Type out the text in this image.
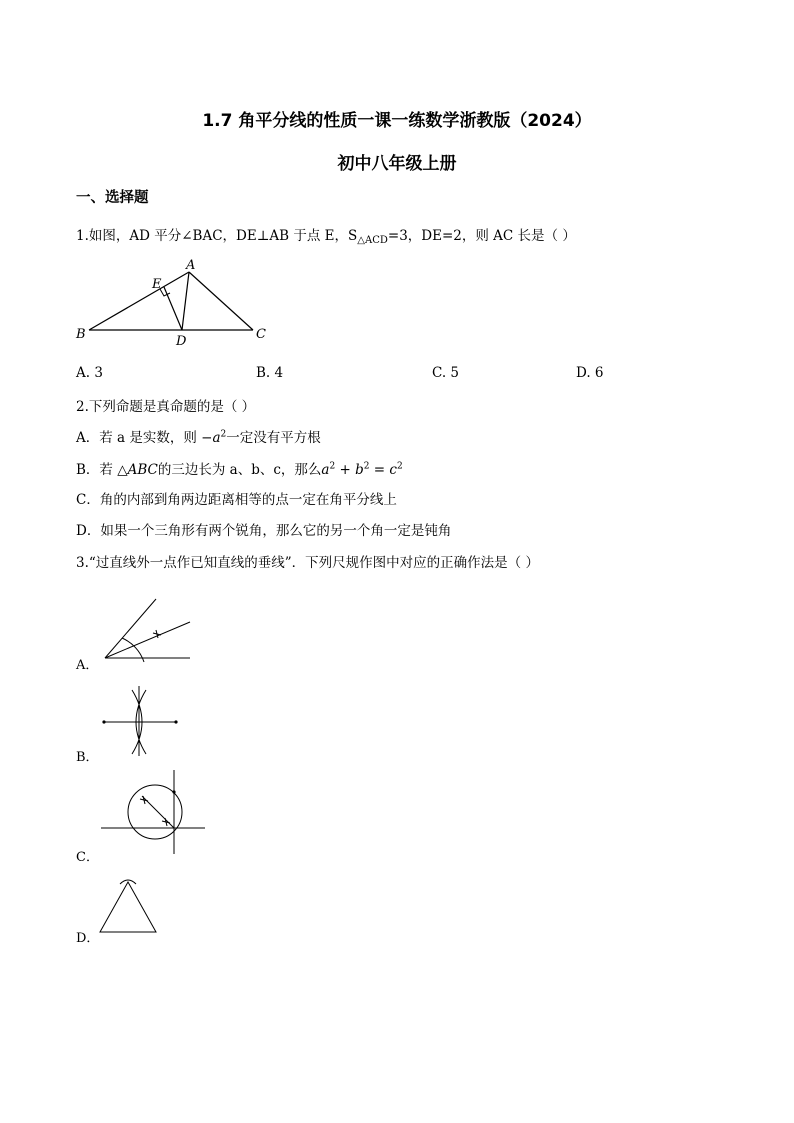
1.7 角平分线的性质一课一练数学浙教版（2024）
初中八年级上册
一、选择题
1.如图，AD 平分∠BAC，DE⊥AB 于点 E，$S_{\triangle ACD}=3$，DE=2，则 AC 长是（ ）
A
B	C
D
E
A. 3	B. 4	C. 5	D. 6
2.下列命题是真命题的是（ ）
A．若 a 是实数，则 $-a^2$一定没有平方根
B．若 △ABC的三边长为 a、b、c，那么$a^2 + b^2 = c^2$
C．角的内部到角两边距离相等的点一定在角平分线上
D．如果一个三角形有两个锐角，那么它的另一个角一定是钝角
3.“过直线外一点作已知直线的垂线”．下列尺规作图中对应的正确作法是（ ）
A．
B．
C．
D．
